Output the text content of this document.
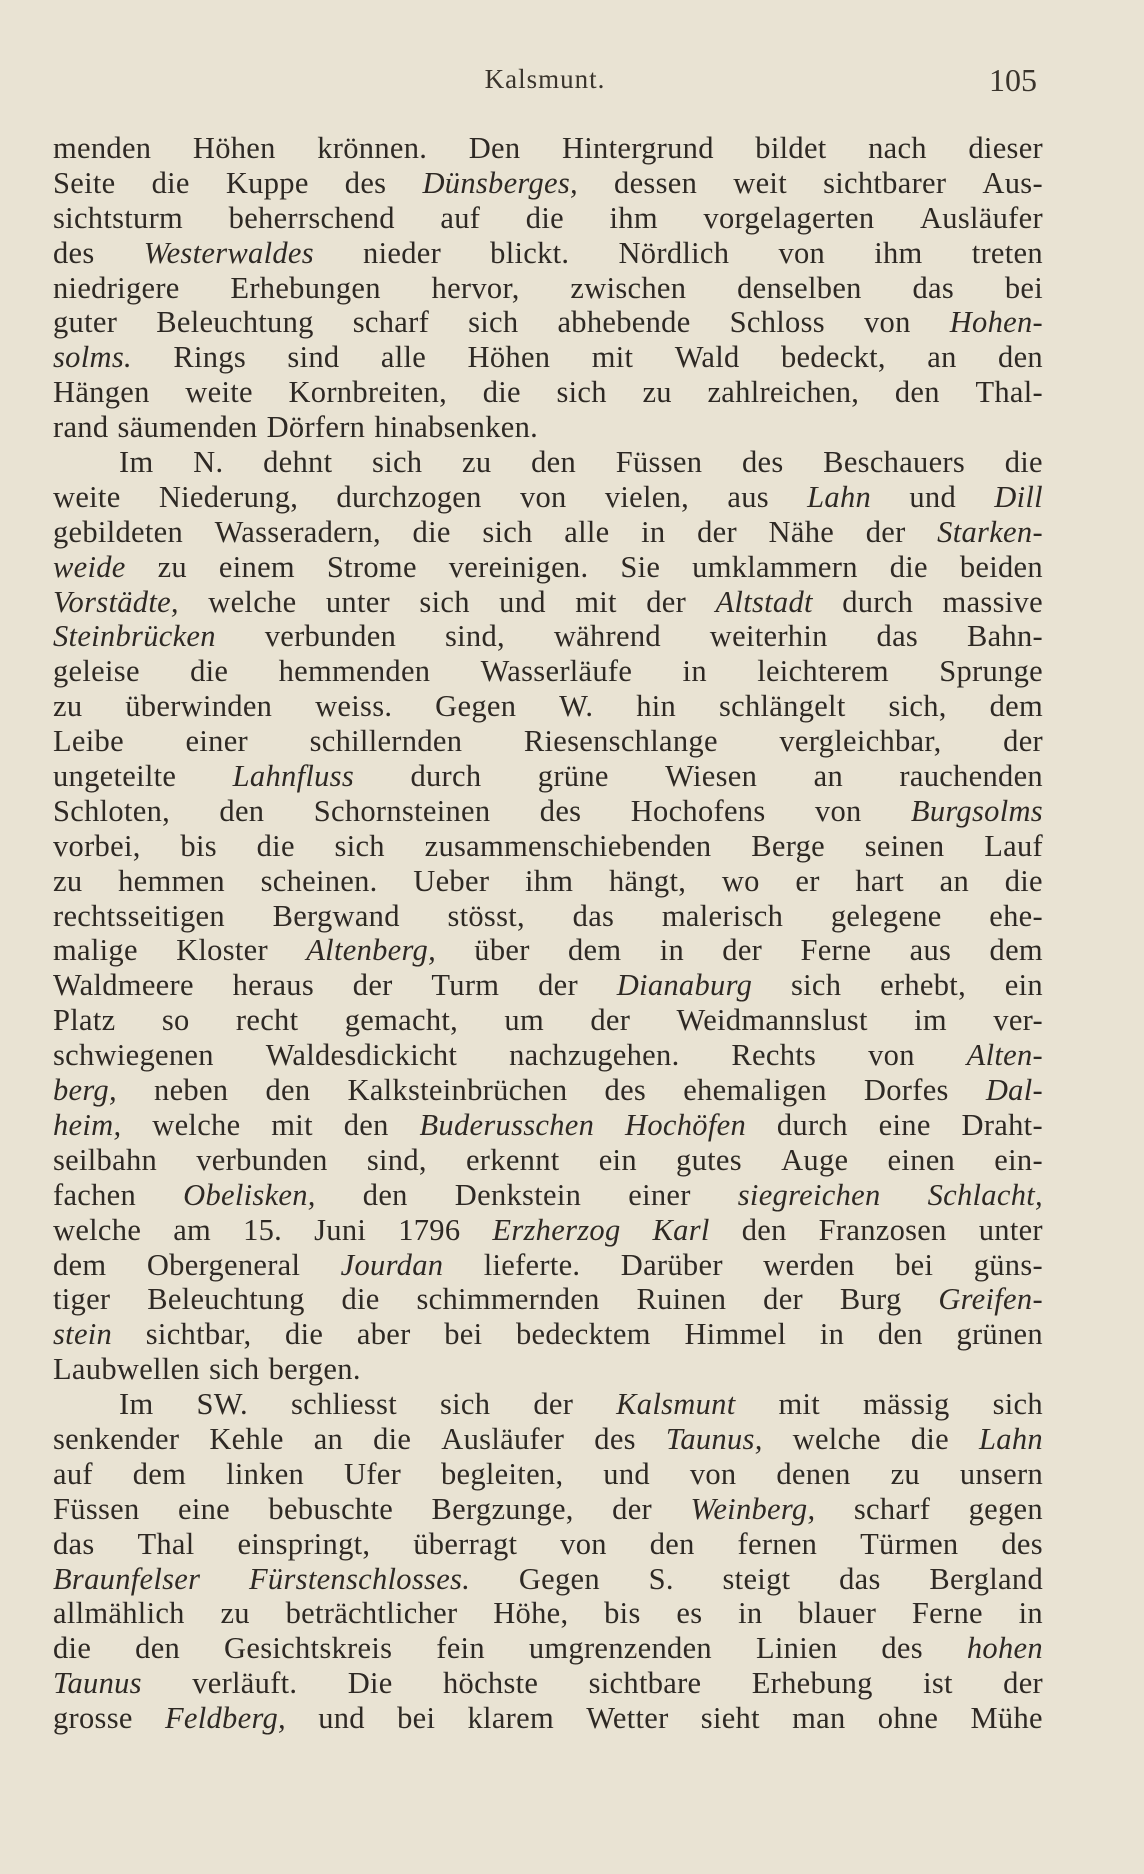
Kalsmunt.	105
menden Höhen krönnen. Den Hintergrund bildet nach dieser
Seite die Kuppe des Dünsberges, dessen weit sichtbarer Aus-
sichtsturm beherrschend auf die ihm vorgelagerten Ausläufer
des Westerwaldes nieder blickt. Nördlich von ihm treten
niedrigere Erhebungen hervor, zwischen denselben das bei
guter Beleuchtung scharf sich abhebende Schloss von Hohen-
solms. Rings sind alle Höhen mit Wald bedeckt, an den
Hängen weite Kornbreiten, die sich zu zahlreichen, den Thal-
rand säumenden Dörfern hinabsenken.
Im N. dehnt sich zu den Füssen des Beschauers die
weite Niederung, durchzogen von vielen, aus Lahn und Dill
gebildeten Wasseradern, die sich alle in der Nähe der Starken-
weide zu einem Strome vereinigen. Sie umklammern die beiden
Vorstädte, welche unter sich und mit der Altstadt durch massive
Steinbrücken verbunden sind, während weiterhin das Bahn-
geleise die hemmenden Wasserläufe in leichterem Sprunge
zu überwinden weiss. Gegen W. hin schlängelt sich, dem
Leibe einer schillernden Riesenschlange vergleichbar, der
ungeteilte Lahnfluss durch grüne Wiesen an rauchenden
Schloten, den Schornsteinen des Hochofens von Burgsolms
vorbei, bis die sich zusammenschiebenden Berge seinen Lauf
zu hemmen scheinen. Ueber ihm hängt, wo er hart an die
rechtsseitigen Bergwand stösst, das malerisch gelegene ehe-
malige Kloster Altenberg, über dem in der Ferne aus dem
Waldmeere heraus der Turm der Dianaburg sich erhebt, ein
Platz so recht gemacht, um der Weidmannslust im ver-
schwiegenen Waldesdickicht nachzugehen. Rechts von Alten-
berg, neben den Kalksteinbrüchen des ehemaligen Dorfes Dal-
heim, welche mit den Buderusschen Hochöfen durch eine Draht-
seilbahn verbunden sind, erkennt ein gutes Auge einen ein-
fachen Obelisken, den Denkstein einer siegreichen Schlacht,
welche am 15. Juni 1796 Erzherzog Karl den Franzosen unter
dem Obergeneral Jourdan lieferte. Darüber werden bei güns-
tiger Beleuchtung die schimmernden Ruinen der Burg Greifen-
stein sichtbar, die aber bei bedecktem Himmel in den grünen
Laubwellen sich bergen.
Im SW. schliesst sich der Kalsmunt mit mässig sich
senkender Kehle an die Ausläufer des Taunus, welche die Lahn
auf dem linken Ufer begleiten, und von denen zu unsern
Füssen eine bebuschte Bergzunge, der Weinberg, scharf gegen
das Thal einspringt, überragt von den fernen Türmen des
Braunfelser Fürstenschlosses. Gegen S. steigt das Bergland
allmählich zu beträchtlicher Höhe, bis es in blauer Ferne in
die den Gesichtskreis fein umgrenzenden Linien des hohen
Taunus verläuft. Die höchste sichtbare Erhebung ist der
grosse Feldberg, und bei klarem Wetter sieht man ohne Mühe
